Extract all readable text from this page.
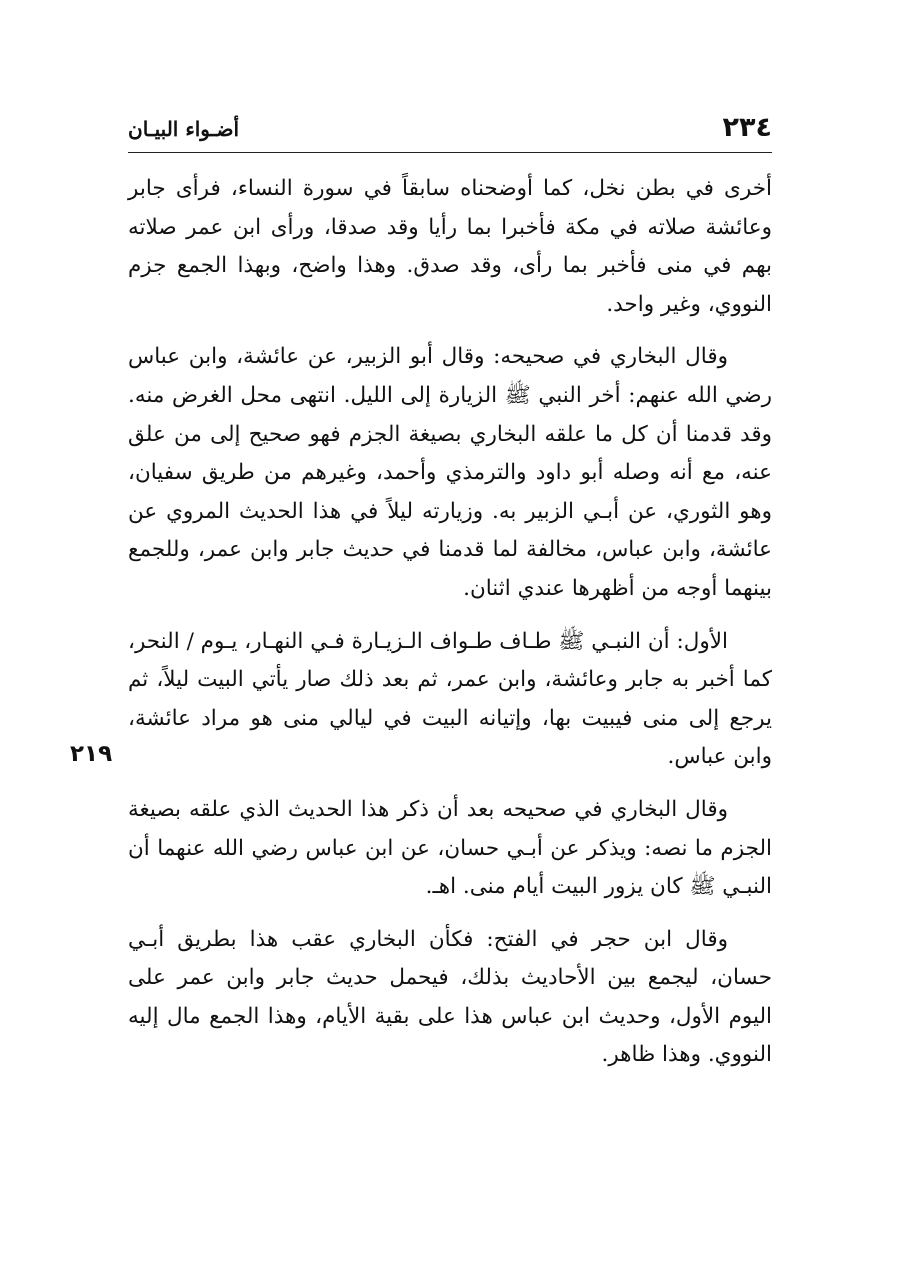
٢٣٤
أضـواء البيـان
٢١٩

أخرى في بطن نخل، كما أوضحناه سابقاً في سورة النساء، فرأى جابر وعائشة صلاته في مكة فأخبرا بما رأيا وقد صدقا، ورأى ابن عمر صلاته بهم في منى فأخبر بما رأى، وقد صدق. وهذا واضح، وبهذا الجمع جزم النووي، وغير واحد.

وقال البخاري في صحيحه: وقال أبو الزبير، عن عائشة، وابن عباس رضي الله عنهم: أخر النبي ﷺ الزيارة إلى الليل. انتهى محل الغرض منه. وقد قدمنا أن كل ما علقه البخاري بصيغة الجزم فهو صحيح إلى من علق عنه، مع أنه وصله أبو داود والترمذي وأحمد، وغيرهم من طريق سفيان، وهو الثوري، عن أبـي الزبير به. وزيارته ليلاً في هذا الحديث المروي عن عائشة، وابن عباس، مخالفة لما قدمنا في حديث جابر وابن عمر، وللجمع بينهما أوجه من أظهرها عندي اثنان.

الأول: أن النبـي ﷺ طـاف طـواف الـزيـارة فـي النهـار، يـوم / النحر، كما أخبر به جابر وعائشة، وابن عمر، ثم بعد ذلك صار يأتي البيت ليلاً، ثم يرجع إلى منى فيبيت بها، وإتيانه البيت في ليالي منى هو مراد عائشة، وابن عباس.

وقال البخاري في صحيحه بعد أن ذكر هذا الحديث الذي علقه بصيغة الجزم ما نصه: ويذكر عن أبـي حسان، عن ابن عباس رضي الله عنهما أن النبـي ﷺ كان يزور البيت أيام منى. اهـ.

وقال ابن حجر في الفتح: فكأن البخاري عقب هذا بطريق أبـي حسان، ليجمع بين الأحاديث بذلك، فيحمل حديث جابر وابن عمر على اليوم الأول، وحديث ابن عباس هذا على بقية الأيام، وهذا الجمع مال إليه النووي. وهذا ظاهر.
